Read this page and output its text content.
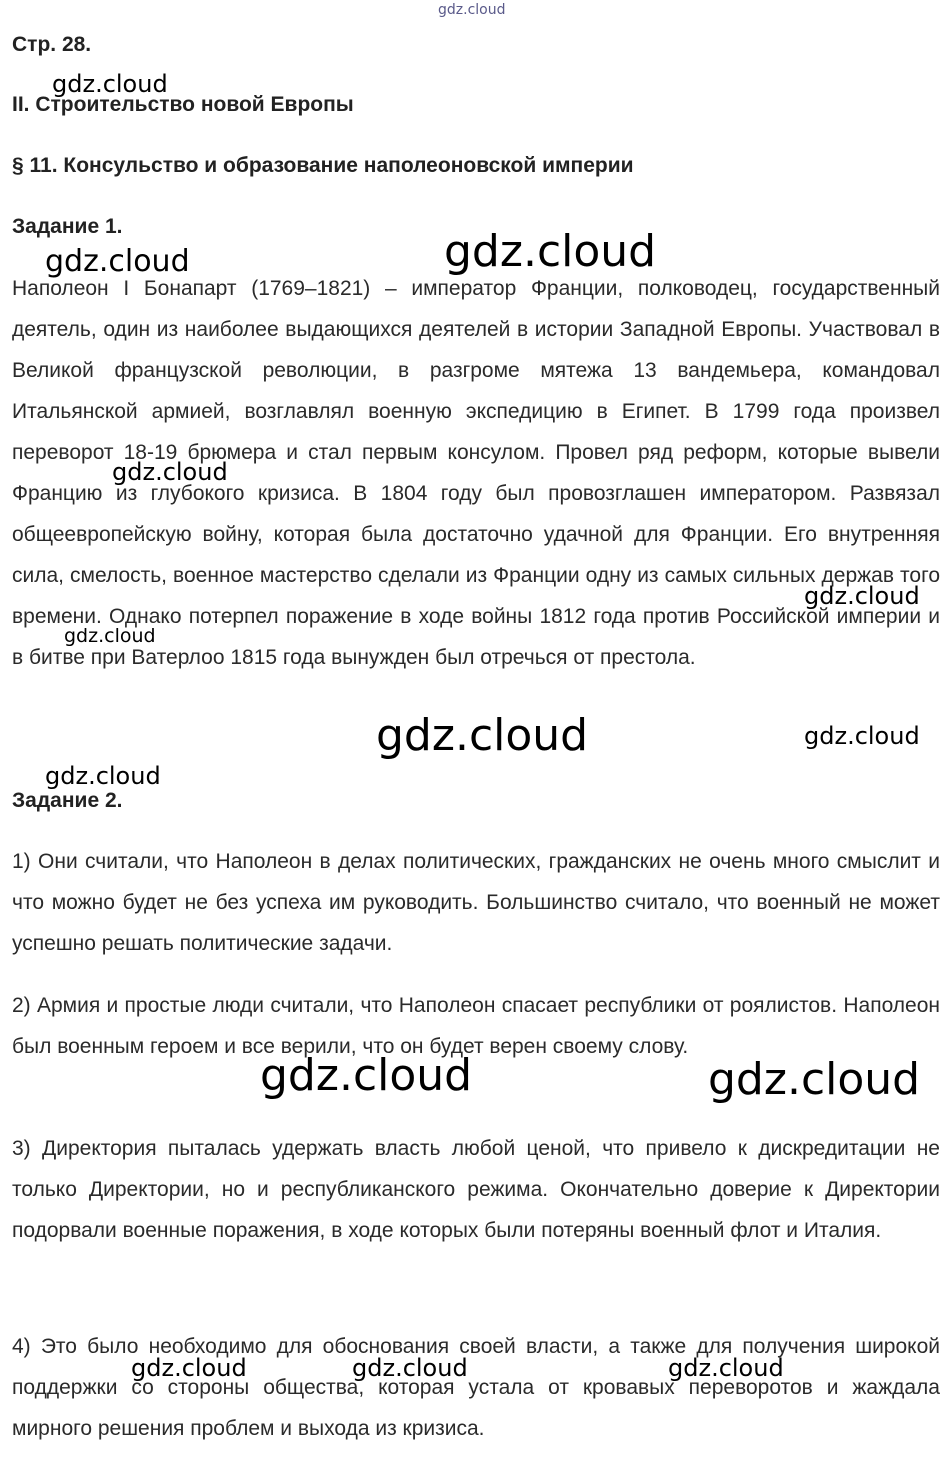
Стр. 28.
II. Строительство новой Европы
§ 11. Консульство и образование наполеоновской империи
Задание 1.
Наполеон I Бонапарт (1769–1821) – император Франции, полководец, государственный деятель, один из наиболее выдающихся деятелей в истории Западной Европы. Участвовал в Великой французской революции, в разгроме мятежа 13 вандемьера, командовал Итальянской армией, возглавлял военную экспедицию в Египет. В 1799 года произвел переворот 18-19 брюмера и стал первым консулом. Провел ряд реформ, которые вывели Францию из глубокого кризиса. В 1804 году был провозглашен императором. Развязал общеевропейскую войну, которая была достаточно удачной для Франции. Его внутренняя сила, смелость, военное мастерство сделали из Франции одну из самых сильных держав того времени. Однако потерпел поражение в ходе войны 1812 года против Российской империи и в битве при Ватерлоо 1815 года вынужден был отречься от престола.
Задание 2.
1) Они считали, что Наполеон в делах политических, гражданских не очень много смыслит и что можно будет не без успеха им руководить. Большинство считало, что военный не может успешно решать политические задачи.
2) Армия и простые люди считали, что Наполеон спасает республики от роялистов. Наполеон был военным героем и все верили, что он будет верен своему слову.
3) Директория пыталась удержать власть любой ценой, что привело к дискредитации не только Директории, но и республиканского режима. Окончательно доверие к Директории подорвали военные поражения, в ходе которых были потеряны военный флот и Италия.
4) Это было необходимо для обоснования своей власти, а также для получения широкой поддержки со стороны общества, которая устала от кровавых переворотов и жаждала мирного решения проблем и выхода из кризиса.
gdz.cloud
gdz.cloud
gdz.cloud	gdz.cloud
gdz.cloud
gdz.cloud
gdz.cloud
gdz.cloud	gdz.cloud
gdz.cloud
gdz.cloud	gdz.cloud
gdz.cloud	gdz.cloud	gdz.cloud
